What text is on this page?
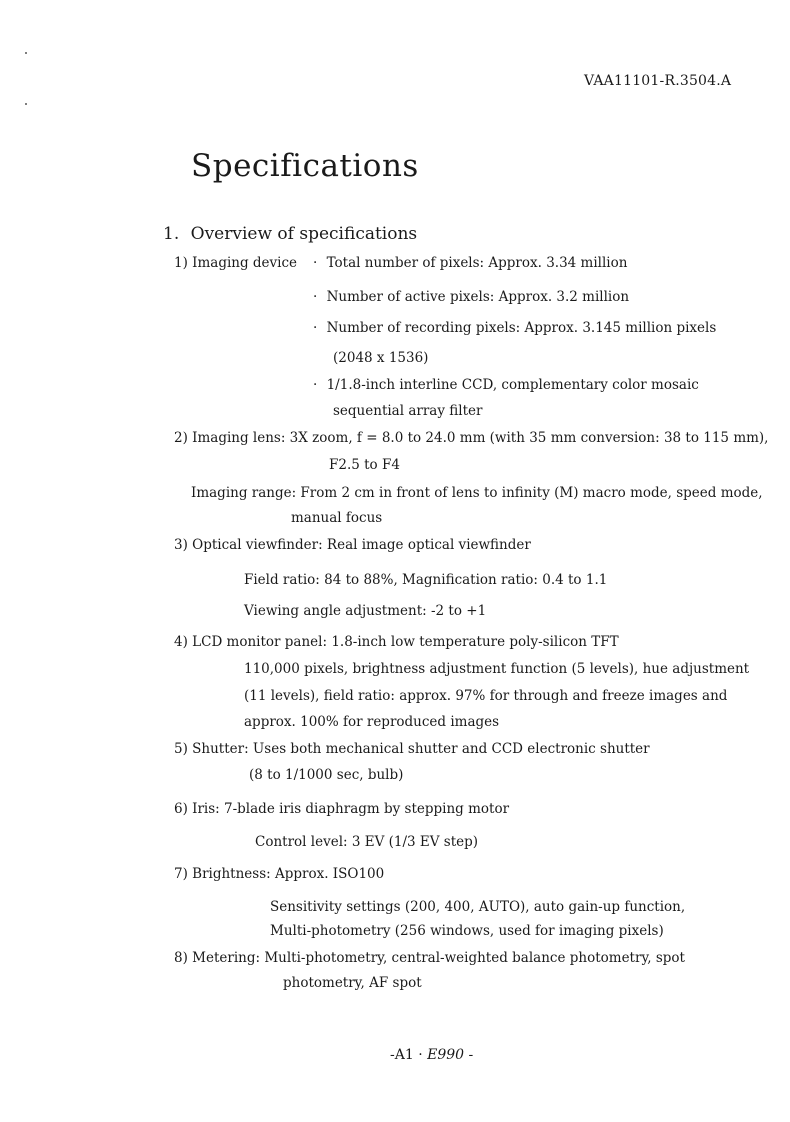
VAA11101-R.3504.A
Specifications
1. Overview of specifications
1) Imaging device · Total number of pixels: Approx. 3.34 million
· Number of active pixels: Approx. 3.2 million
· Number of recording pixels: Approx. 3.145 million pixels
(2048 x 1536)
· 1/1.8-inch interline CCD, complementary color mosaic
sequential array filter
2) Imaging lens: 3X zoom, f = 8.0 to 24.0 mm (with 35 mm conversion: 38 to 115 mm),
F2.5 to F4
Imaging range: From 2 cm in front of lens to infinity (M) macro mode, speed mode,
manual focus
3) Optical viewfinder: Real image optical viewfinder
Field ratio: 84 to 88%, Magnification ratio: 0.4 to 1.1
Viewing angle adjustment: -2 to +1
4) LCD monitor panel: 1.8-inch low temperature poly-silicon TFT
110,000 pixels, brightness adjustment function (5 levels), hue adjustment
(11 levels), field ratio: approx. 97% for through and freeze images and
approx. 100% for reproduced images
5) Shutter: Uses both mechanical shutter and CCD electronic shutter
(8 to 1/1000 sec, bulb)
6) Iris: 7-blade iris diaphragm by stepping motor
Control level: 3 EV (1/3 EV step)
7) Brightness: Approx. ISO100
Sensitivity settings (200, 400, AUTO), auto gain-up function,
Multi-photometry (256 windows, used for imaging pixels)
8) Metering: Multi-photometry, central-weighted balance photometry, spot
photometry, AF spot
-A1 · E990 -
